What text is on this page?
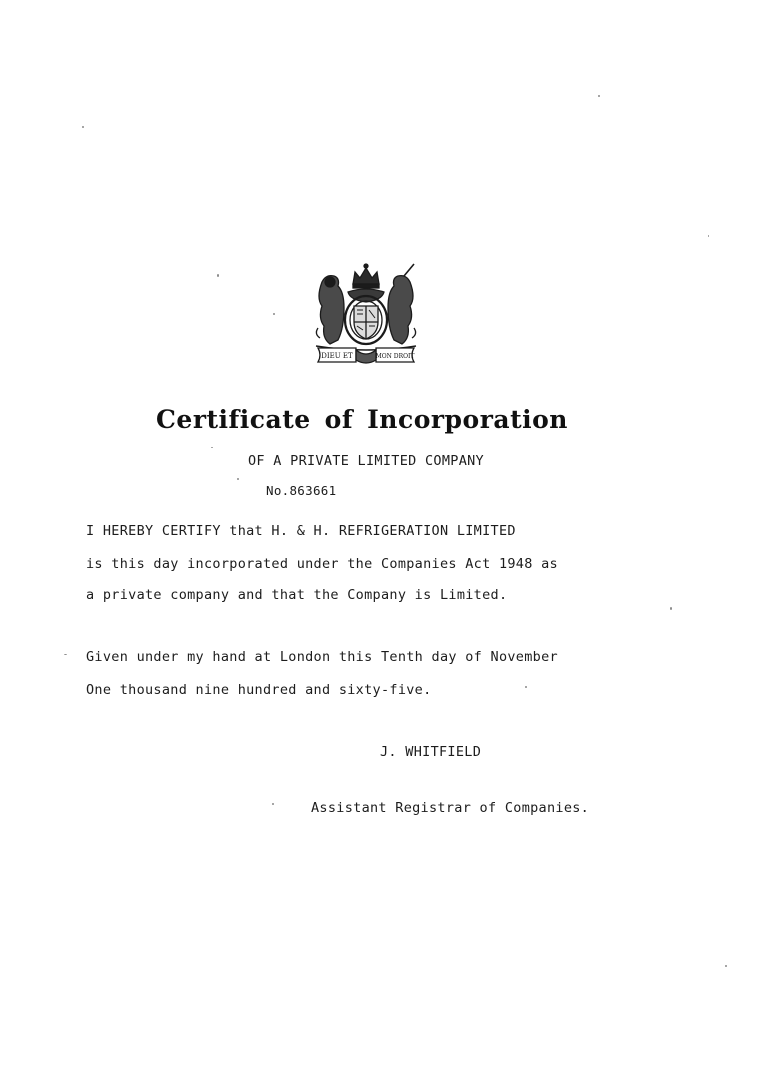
DIEU ET	MON DROIT
Certificate of Incorporation
OF A PRIVATE LIMITED COMPANY
No.863661
I HEREBY CERTIFY that H. & H. REFRIGERATION LIMITED
is this day incorporated under the Companies Act 1948 as
a private company and that the Company is Limited.
Given under my hand at London this Tenth day of November
One thousand nine hundred and sixty-five.
J. WHITFIELD
Assistant Registrar of Companies.
